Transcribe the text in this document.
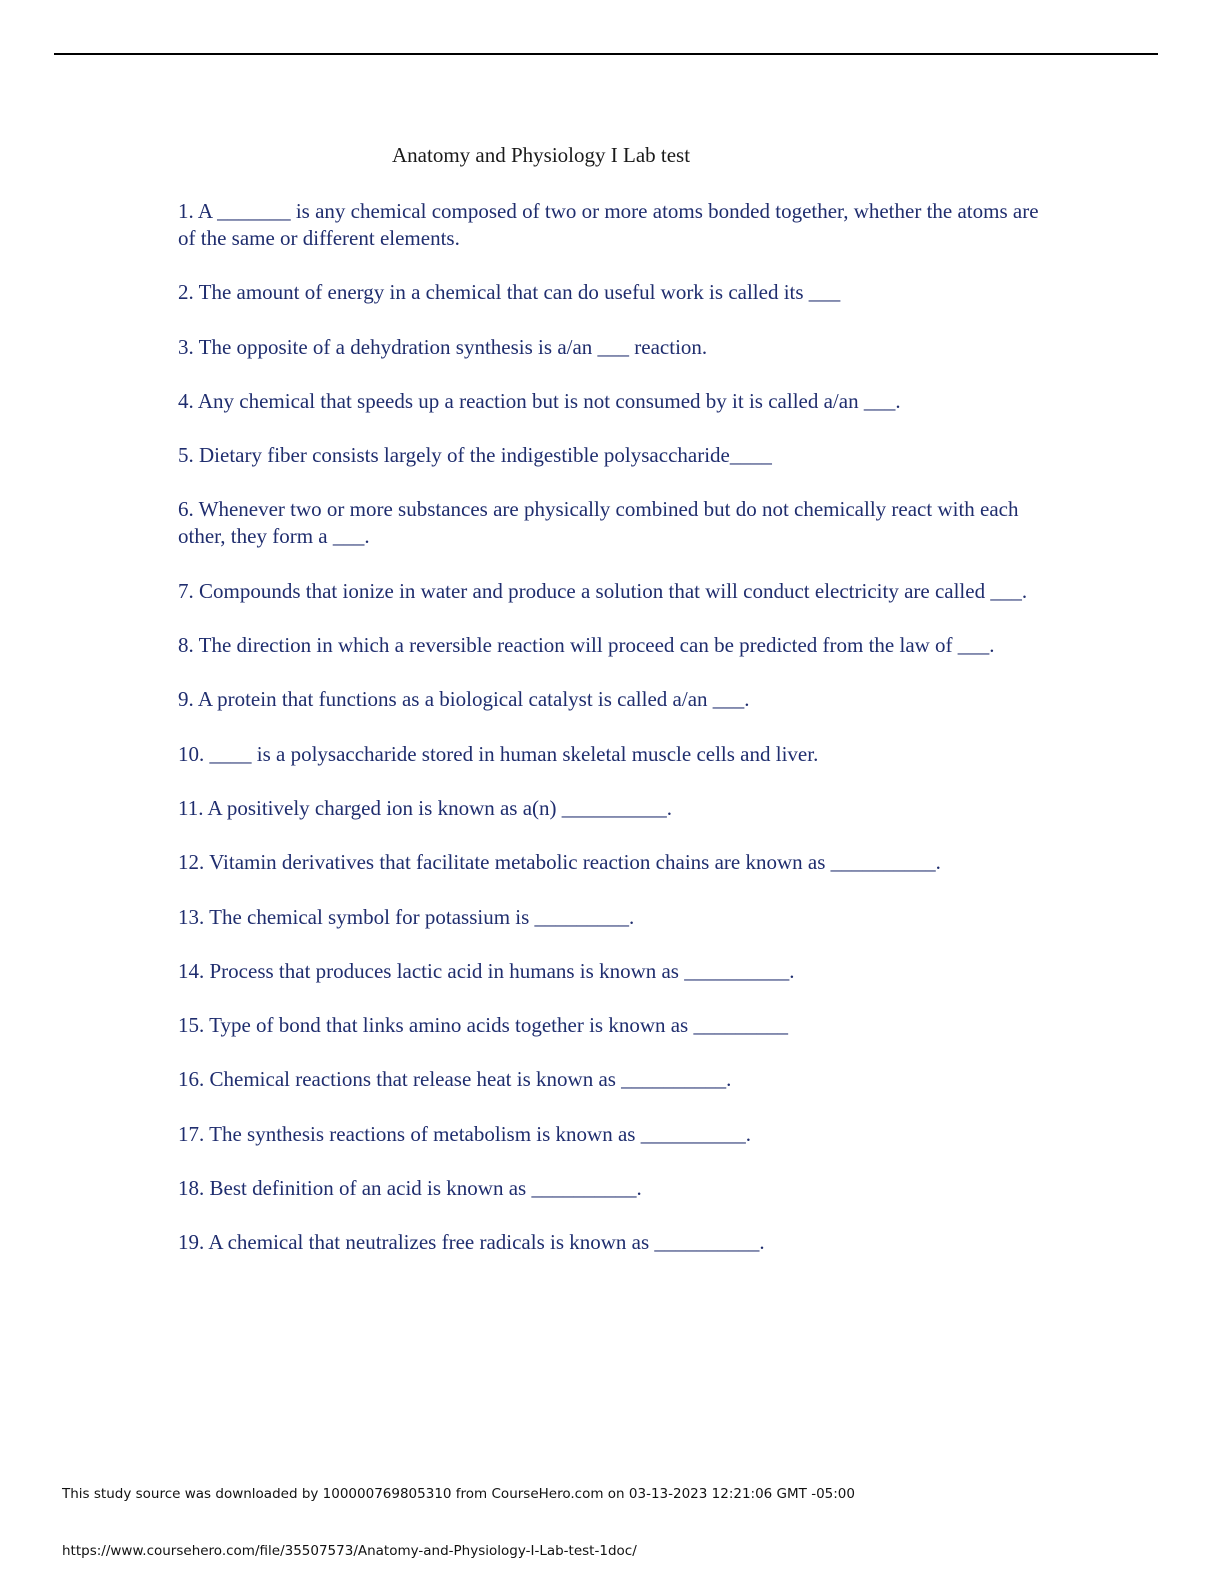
Anatomy and Physiology I Lab test
1. A _______ is any chemical composed of two or more atoms bonded together, whether the atoms are of the same or different elements.
2. The amount of energy in a chemical that can do useful work is called its ___
3. The opposite of a dehydration synthesis is a/an ___ reaction.
4. Any chemical that speeds up a reaction but is not consumed by it is called a/an ___.
5. Dietary fiber consists largely of the indigestible polysaccharide____
6. Whenever two or more substances are physically combined but do not chemically react with each other, they form a ___.
7. Compounds that ionize in water and produce a solution that will conduct electricity are called ___.
8. The direction in which a reversible reaction will proceed can be predicted from the law of ___.
9. A protein that functions as a biological catalyst is called a/an ___.
10. ____ is a polysaccharide stored in human skeletal muscle cells and liver.
11. A positively charged ion is known as a(n) __________.
12. Vitamin derivatives that facilitate metabolic reaction chains are known as __________.
13. The chemical symbol for potassium is _________.
14. Process that produces lactic acid in humans is known as __________.
15. Type of bond that links amino acids together is known as _________
16. Chemical reactions that release heat is known as __________.
17. The synthesis reactions of metabolism is known as __________.
18. Best definition of an acid is known as __________.
19. A chemical that neutralizes free radicals is known as __________.
This study source was downloaded by 100000769805310 from CourseHero.com on 03-13-2023 12:21:06 GMT -05:00
https://www.coursehero.com/file/35507573/Anatomy-and-Physiology-I-Lab-test-1doc/
